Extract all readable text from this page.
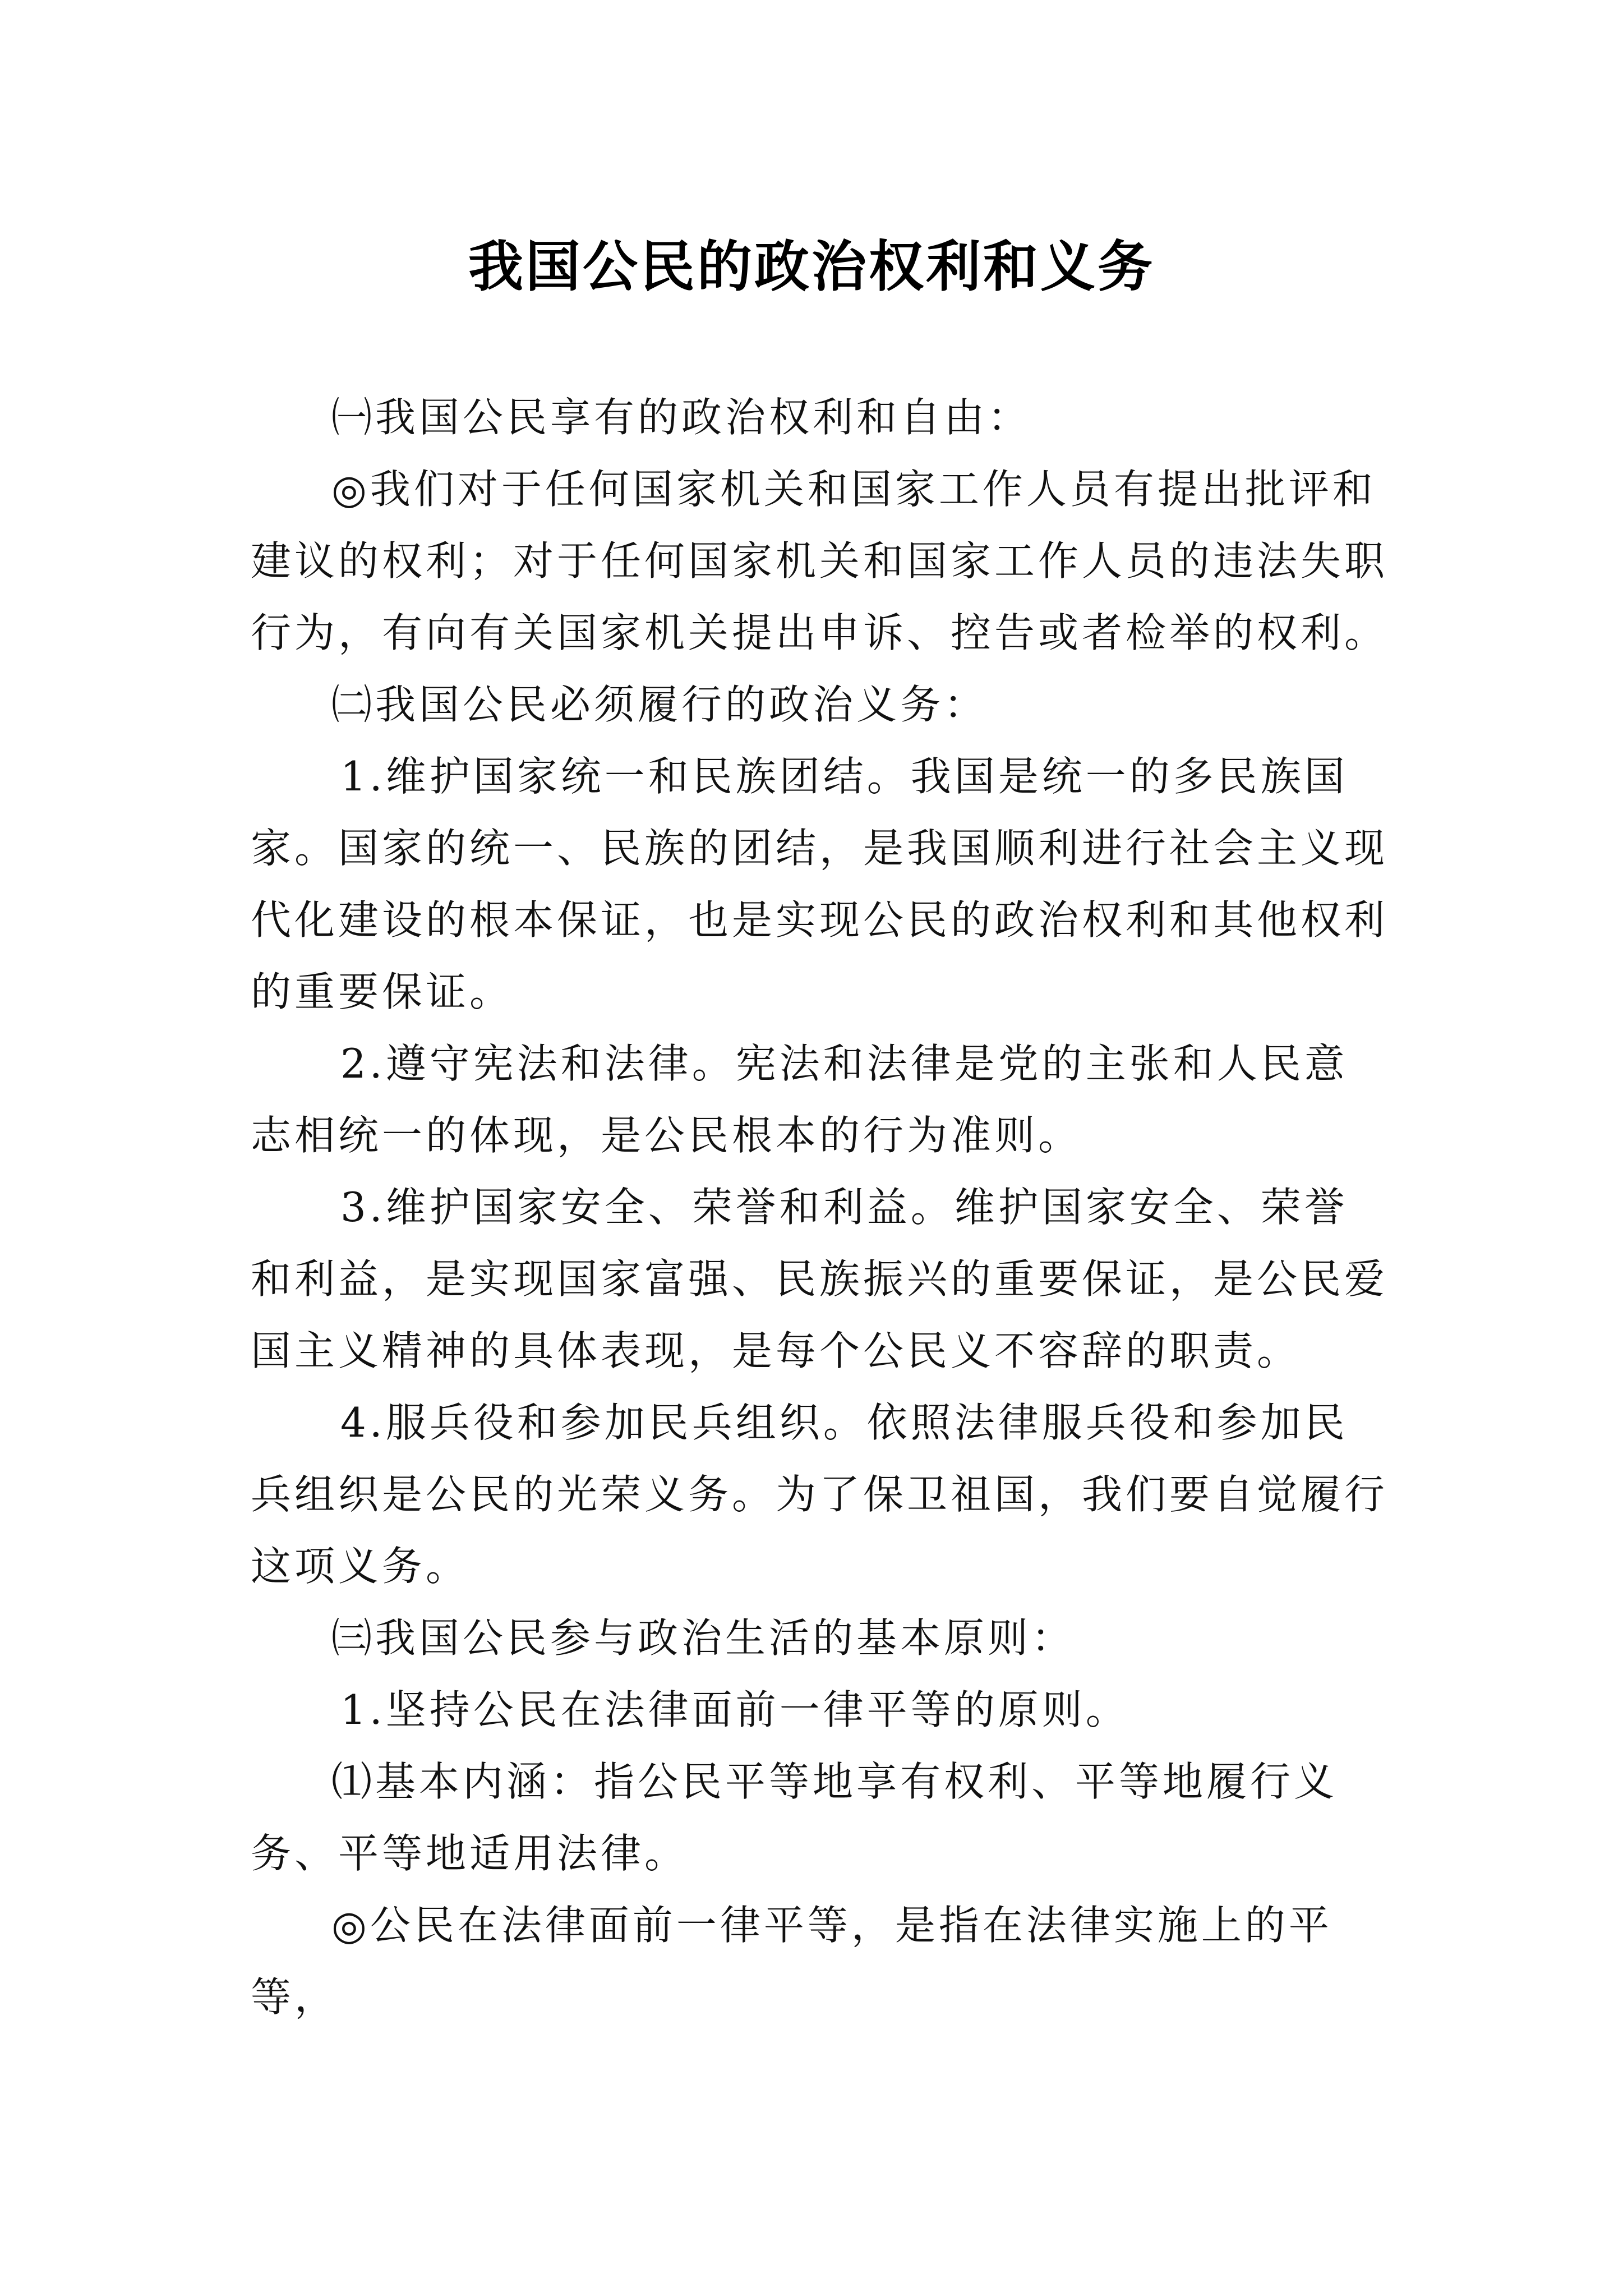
我国公民的政治权利和义务

㈠我国公民享有的政治权利和自由：

◎我们对于任何国家机关和国家工作人员有提出批评和建议的权利；对于任何国家机关和国家工作人员的违法失职行为，有向有关国家机关提出申诉、控告或者检举的权利。

㈡我国公民必须履行的政治义务：

1.维护国家统一和民族团结。我国是统一的多民族国家。国家的统一、民族的团结，是我国顺利进行社会主义现代化建设的根本保证，也是实现公民的政治权利和其他权利的重要保证。

2.遵守宪法和法律。宪法和法律是党的主张和人民意志相统一的体现，是公民根本的行为准则。

3.维护国家安全、荣誉和利益。维护国家安全、荣誉和利益，是实现国家富强、民族振兴的重要保证，是公民爱国主义精神的具体表现，是每个公民义不容辞的职责。

4.服兵役和参加民兵组织。依照法律服兵役和参加民兵组织是公民的光荣义务。为了保卫祖国，我们要自觉履行这项义务。

㈢我国公民参与政治生活的基本原则：

1.坚持公民在法律面前一律平等的原则。

⑴基本内涵：指公民平等地享有权利、平等地履行义务、平等地适用法律。

◎公民在法律面前一律平等，是指在法律实施上的平等，
